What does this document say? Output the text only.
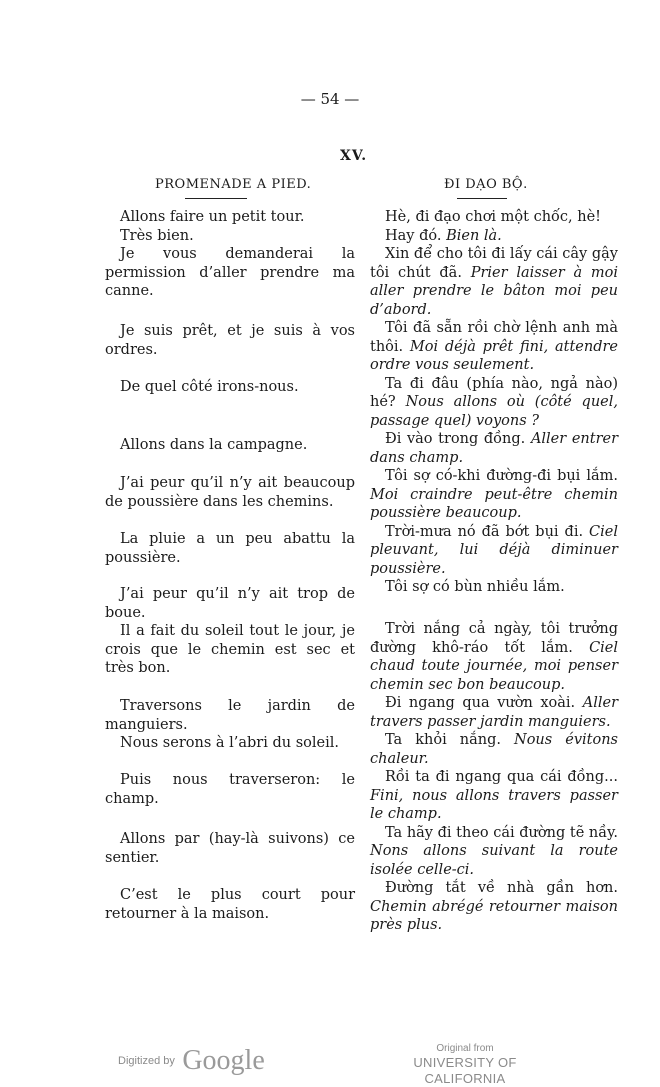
— 54 —
XV.
PROMENADE A PIED.	ĐI DẠO BỘ.

Allons faire un petit tour.

Très bien.

Je vous demanderai la permission d’aller prendre ma canne.

Je suis prêt, et je suis à vos ordres.

De quel côté irons-nous.

Allons dans la campagne.

J’ai peur qu’il n’y ait beaucoup de poussière dans les chemins.

La pluie a un peu abattu la poussière.

J’ai peur qu’il n’y ait trop de boue.

Il a fait du soleil tout le jour, je crois que le chemin est sec et très bon.

Traversons le jardin de manguiers.

Nous serons à l’abri du soleil.

Puis nous traverseron: le champ.

Allons par (hay-là suivons) ce sentier.

C’est le plus court pour retourner à la maison.

Hè, đi đạo chơi một chốc, hè!

Hay đó. Bien là.

Xin để cho tôi đi lấy cái cây gậy tôi chút đã. Prier laisser à moi aller prendre le bâton moi peu d’abord.

Tôi đã sẵn rồi chờ lệnh anh mà thôi. Moi déjà prêt fini, attendre ordre vous seulement.

Ta đi đâu (phía nào, ngả nào) hé? Nous allons où (côté quel, passage quel) voyons ?

Đi vào trong đồng. Aller entrer dans champ.

Tôi sợ có-khi đường-đi bụi lắm. Moi craindre peut-être chemin poussière beaucoup.

Trời-mưa nó đã bớt bụi đi. Ciel pleuvant, lui déjà diminuer poussière.

Tôi sợ có bùn nhiều lắm.

Trời nắng cả ngày, tôi trưởng đường khô-ráo tốt lắm. Ciel chaud toute journée, moi penser chemin sec bon beaucoup.

Đi ngang qua vườn xoài. Aller travers passer jardin manguiers.

Ta khỏi nắng. Nous évitons chaleur.

Rồi ta đi ngang qua cái đồng... Fini, nous allons travers passer le champ.

Ta hãy đi theo cái đường tẽ nầy. Nons allons suivant la route isolée celle-ci.

Đường tắt về nhà gần hơn. Chemin abrégé retourner maison près plus.

Digitized by Google	Original from
UNIVERSITY OF CALIFORNIA
